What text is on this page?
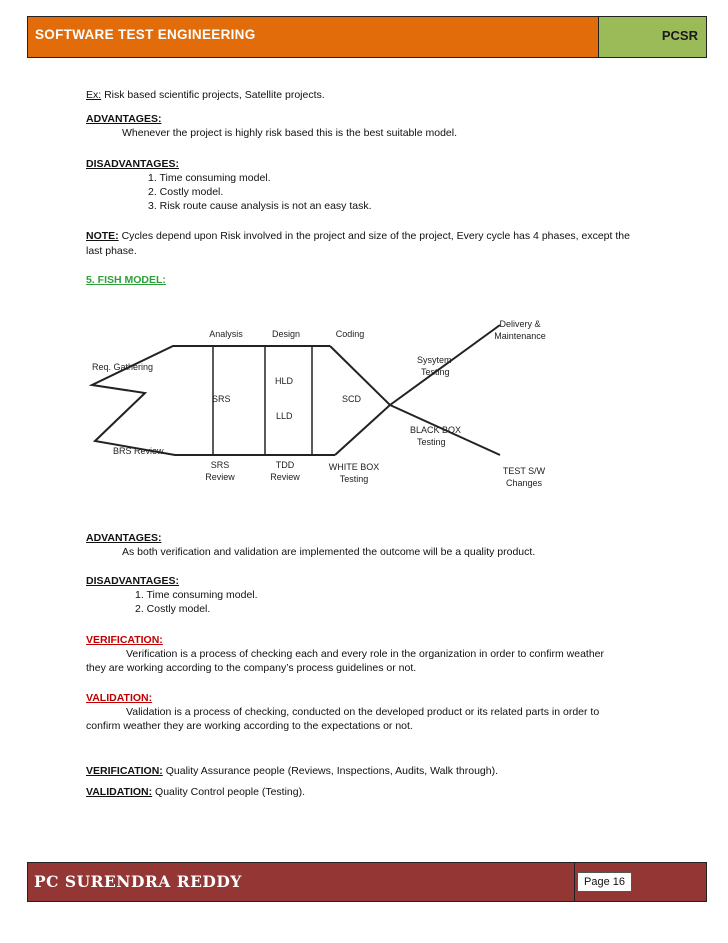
SOFTWARE TEST ENGINEERING	PCSR
Ex: Risk based scientific projects, Satellite projects.
ADVANTAGES:
Whenever the project is highly risk based this is the best suitable model.
DISADVANTAGES:
1. Time consuming model.
2. Costly model.
3. Risk route cause analysis is not an easy task.
NOTE: Cycles depend upon Risk involved in the project and size of the project, Every cycle has 4 phases, except the
last phase.
5. FISH MODEL:
Analysis	Design	Coding
Delivery &
Maintenance
Req. Gathering
Sysytem
Testing
HLD
SRS	SCD
LLD
BLACK BOX
Testing
BRS Review
SRS
Review
TDD
Review
WHITE BOX
Testing
TEST S/W
Changes
ADVANTAGES:
As both verification and validation are implemented the outcome will be a quality product.
DISADVANTAGES:
1. Time consuming model.
2. Costly model.
VERIFICATION:
Verification is a process of checking each and every role in the organization in order to confirm weather
they are working according to the company’s process guidelines or not.
VALIDATION:
Validation is a process of checking, conducted on the developed product or its related parts in order to
confirm weather they are working according to the expectations or not.
VERIFICATION: Quality Assurance people (Reviews, Inspections, Audits, Walk through).
VALIDATION: Quality Control people (Testing).
PC SURENDRA REDDY	Page 16
